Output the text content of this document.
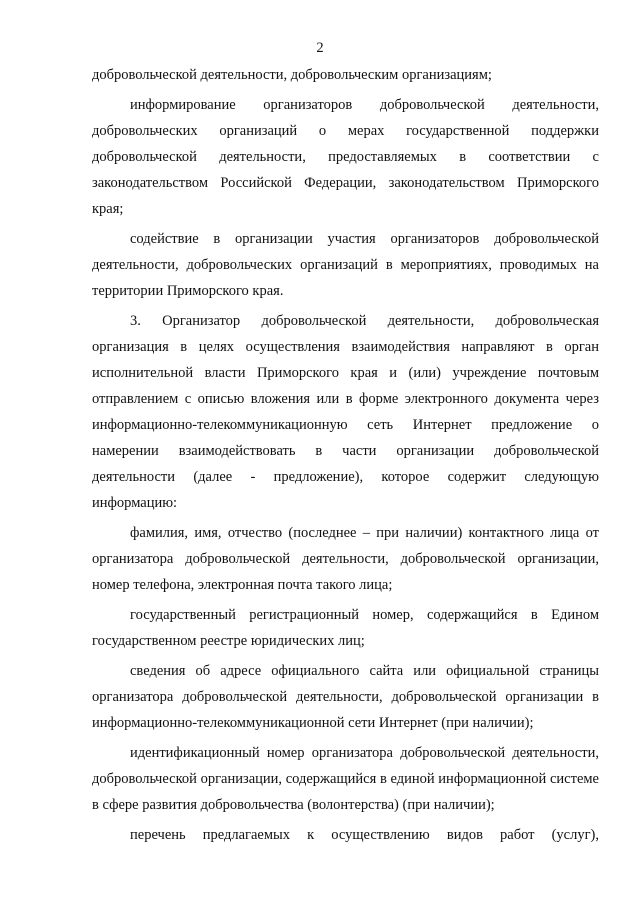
2

добровольческой деятельности, добровольческим организациям;

информирование организаторов добровольческой деятельности, добровольческих организаций о мерах государственной поддержки добровольческой деятельности, предоставляемых в соответствии с законодательством Российской Федерации, законодательством Приморского края;

содействие в организации участия организаторов добровольческой деятельности, добровольческих организаций в мероприятиях, проводимых на территории Приморского края.

3. Организатор добровольческой деятельности, добровольческая организация в целях осуществления взаимодействия направляют в орган исполнительной власти Приморского края и (или) учреждение почтовым отправлением с описью вложения или в форме электронного документа через информационно-телекоммуникационную сеть Интернет предложение о намерении взаимодействовать в части организации добровольческой деятельности (далее - предложение), которое содержит следующую информацию:

фамилия, имя, отчество (последнее – при наличии) контактного лица от организатора добровольческой деятельности, добровольческой организации, номер телефона, электронная почта такого лица;

государственный регистрационный номер, содержащийся в Едином государственном реестре юридических лиц;

сведения об адресе официального сайта или официальной страницы организатора добровольческой деятельности, добровольческой организации в информационно-телекоммуникационной сети Интернет (при наличии);

идентификационный номер организатора добровольческой деятельности, добровольческой организации, содержащийся в единой информационной системе в сфере развития добровольчества (волонтерства) (при наличии);

перечень предлагаемых к осуществлению видов работ (услуг),
